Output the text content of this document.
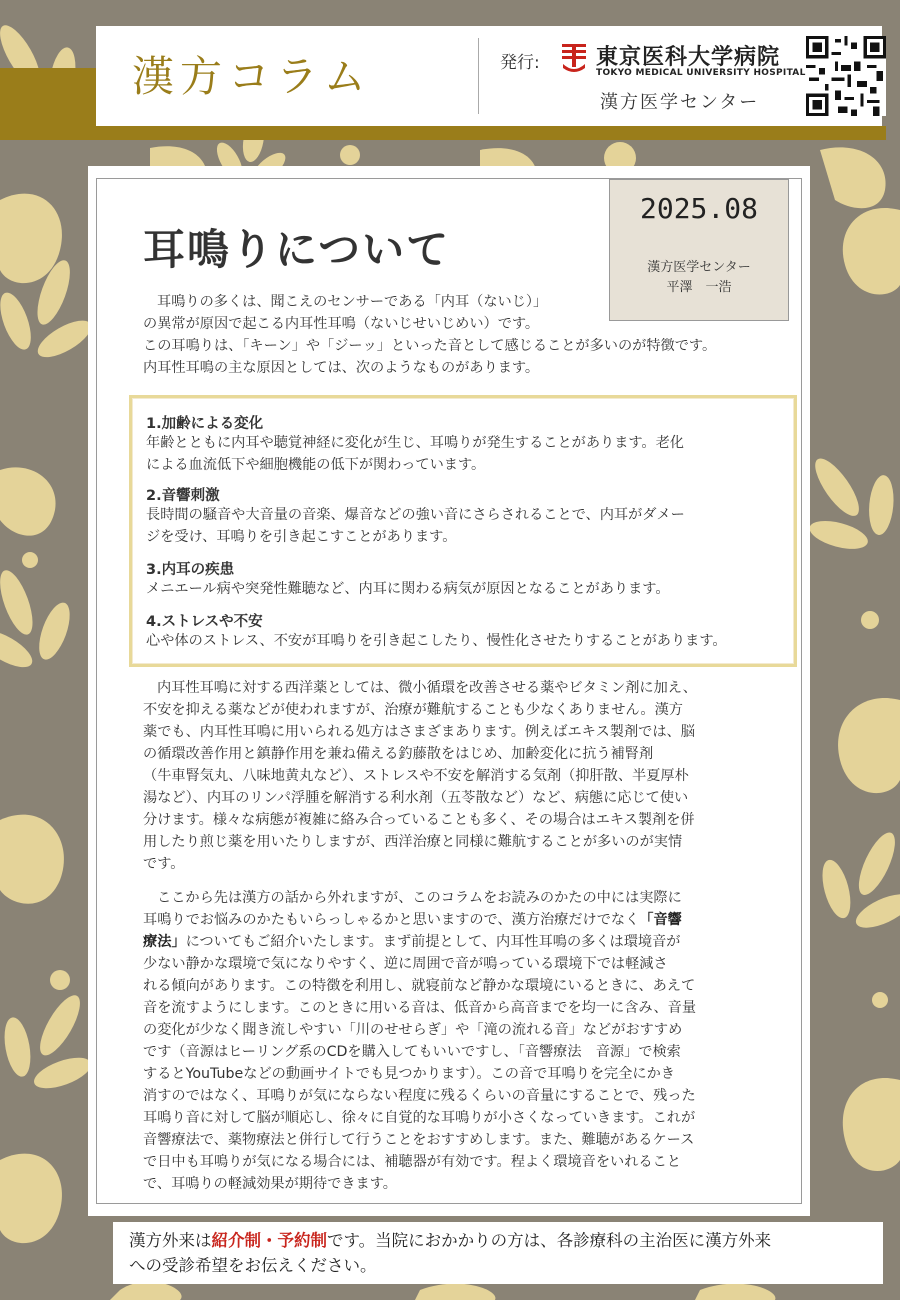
漢方コラム	発行:	東京医科大学病院
TOKYO MEDICAL UNIVERSITY HOSPITAL
漢方医学センター
2025.08
漢方医学センター
平澤　一浩
耳鳴りについて
耳鳴りの多くは、聞こえのセンサーである「内耳（ないじ）」
の異常が原因で起こる内耳性耳鳴（ないじせいじめい）です。
この耳鳴りは、「キーン」や「ジーッ」といった音として感じることが多いのが特徴です。
内耳性耳鳴の主な原因としては、次のようなものがあります。
1.加齢による変化
年齢とともに内耳や聴覚神経に変化が生じ、耳鳴りが発生することがあります。老化
による血流低下や細胞機能の低下が関わっています。
2.音響刺激
長時間の騒音や大音量の音楽、爆音などの強い音にさらされることで、内耳がダメー
ジを受け、耳鳴りを引き起こすことがあります。
3.内耳の疾患
メニエール病や突発性難聴など、内耳に関わる病気が原因となることがあります。
4.ストレスや不安
心や体のストレス、不安が耳鳴りを引き起こしたり、慢性化させたりすることがあります。
内耳性耳鳴に対する西洋薬としては、微小循環を改善させる薬やビタミン剤に加え、
不安を抑える薬などが使われますが、治療が難航することも少なくありません。漢方
薬でも、内耳性耳鳴に用いられる処方はさまざまあります。例えばエキス製剤では、脳
の循環改善作用と鎮静作用を兼ね備える釣藤散をはじめ、加齢変化に抗う補腎剤
（牛車腎気丸、八味地黄丸など）、ストレスや不安を解消する気剤（抑肝散、半夏厚朴
湯など）、内耳のリンパ浮腫を解消する利水剤（五苓散など）など、病態に応じて使い
分けます。様々な病態が複雑に絡み合っていることも多く、その場合はエキス製剤を併
用したり煎じ薬を用いたりしますが、西洋治療と同様に難航することが多いのが実情
です。
ここから先は漢方の話から外れますが、このコラムをお読みのかたの中には実際に
耳鳴りでお悩みのかたもいらっしゃるかと思いますので、漢方治療だけでなく「音響
療法」についてもご紹介いたします。まず前提として、内耳性耳鳴の多くは環境音が
少ない静かな環境で気になりやすく、逆に周囲で音が鳴っている環境下では軽減さ
れる傾向があります。この特徴を利用し、就寝前など静かな環境にいるときに、あえて
音を流すようにします。このときに用いる音は、低音から高音までを均一に含み、音量
の変化が少なく聞き流しやすい「川のせせらぎ」や「滝の流れる音」などがおすすめ
です（音源はヒーリング系のCDを購入してもいいですし、「音響療法　音源」で検索
するとYouTubeなどの動画サイトでも見つかります）。この音で耳鳴りを完全にかき
消すのではなく、耳鳴りが気にならない程度に残るくらいの音量にすることで、残った
耳鳴り音に対して脳が順応し、徐々に自覚的な耳鳴りが小さくなっていきます。これが
音響療法で、薬物療法と併行して行うことをおすすめします。また、難聴があるケース
で日中も耳鳴りが気になる場合には、補聴器が有効です。程よく環境音をいれること
で、耳鳴りの軽減効果が期待できます。
漢方外来は紹介制・予約制です。当院におかかりの方は、各診療科の主治医に漢方外来
への受診希望をお伝えください。
